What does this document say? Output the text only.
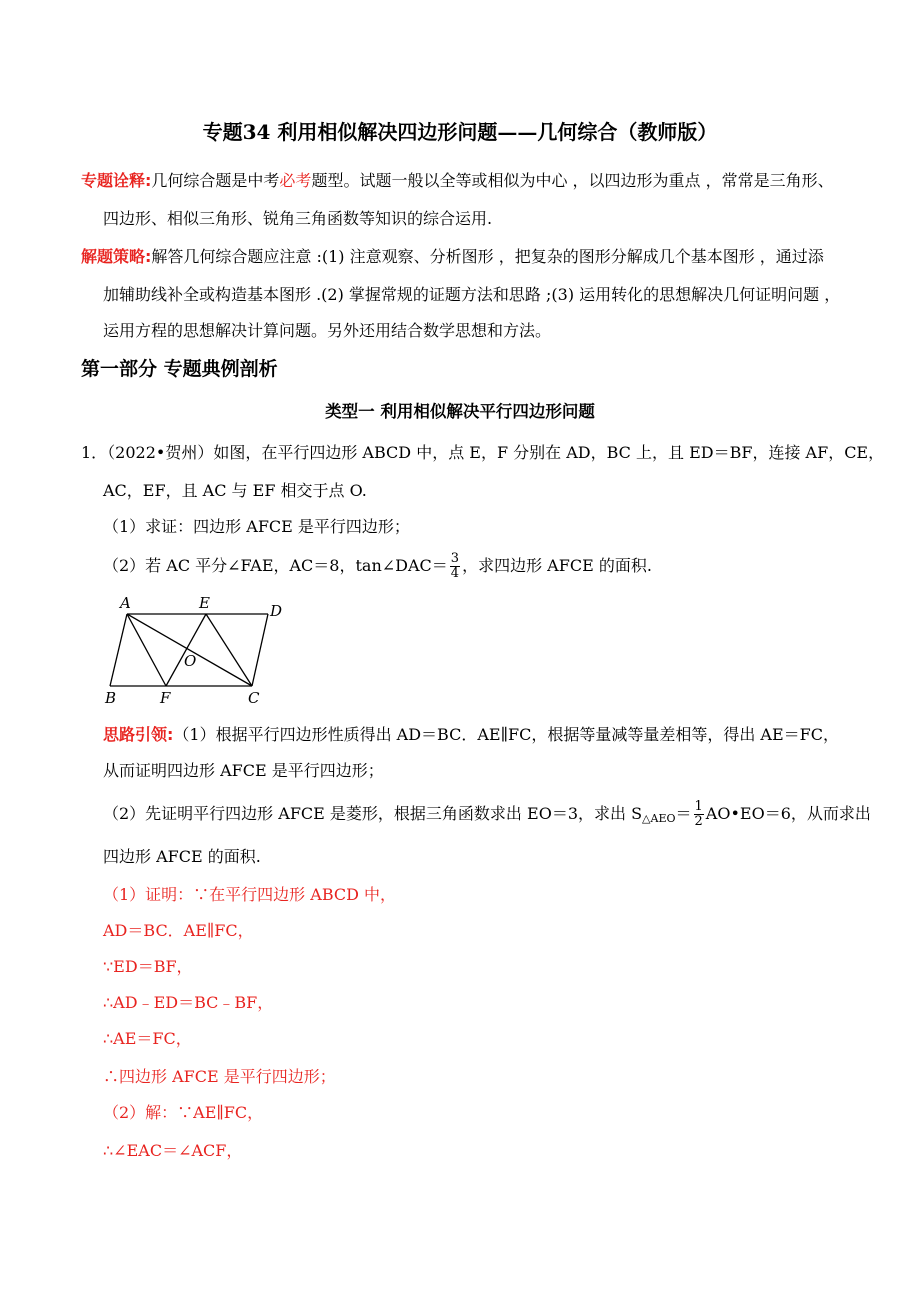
专题34 利用相似解决四边形问题——几何综合（教师版）
专题诠释:几何综合题是中考必考题型。试题一般以全等或相似为中心 ，以四边形为重点 ，常常是三角形、
四边形、相似三角形、锐角三角函数等知识的综合运用.
解题策略:解答几何综合题应注意 :(1) 注意观察、分析图形 ，把复杂的图形分解成几个基本图形 ，通过添
加辅助线补全或构造基本图形 .(2) 掌握常规的证题方法和思路 ;(3) 运用转化的思想解决几何证明问题 ，
运用方程的思想解决计算问题。另外还用结合数学思想和方法。
第一部分 专题典例剖析
类型一 利用相似解决平行四边形问题
1．（2022•贺州）如图，在平行四边形 ABCD 中，点 E，F 分别在 AD，BC 上，且 ED＝BF，连接 AF，CE，
AC，EF，且 AC 与 EF 相交于点 O.
（1）求证：四边形 AFCE 是平行四边形；
（2）若 AC 平分∠FAE，AC＝8，tan∠DAC＝ $\frac{3}{4}$ ，求四边形 AFCE 的面积.
A	E	D
O
B	F	C
思路引领:（1）根据平行四边形性质得出 AD＝BC．AE∥FC，根据等量减等量差相等，得出 AE＝FC，
从而证明四边形 AFCE 是平行四边形；
（2）先证明平行四边形 AFCE 是菱形，根据三角函数求出 EO＝3，求出 $S_{\triangle AEO}= \frac{1}{2}$ AO•EO＝6，从而求出
四边形 AFCE 的面积.
（1）证明：∵在平行四边形 ABCD 中，
AD＝BC．AE∥FC，
∵ED＝BF，
∴AD﹣ED＝BC﹣BF，
∴AE＝FC，
∴四边形 AFCE 是平行四边形；
（2）解：∵AE∥FC，
∴∠EAC＝∠ACF，
